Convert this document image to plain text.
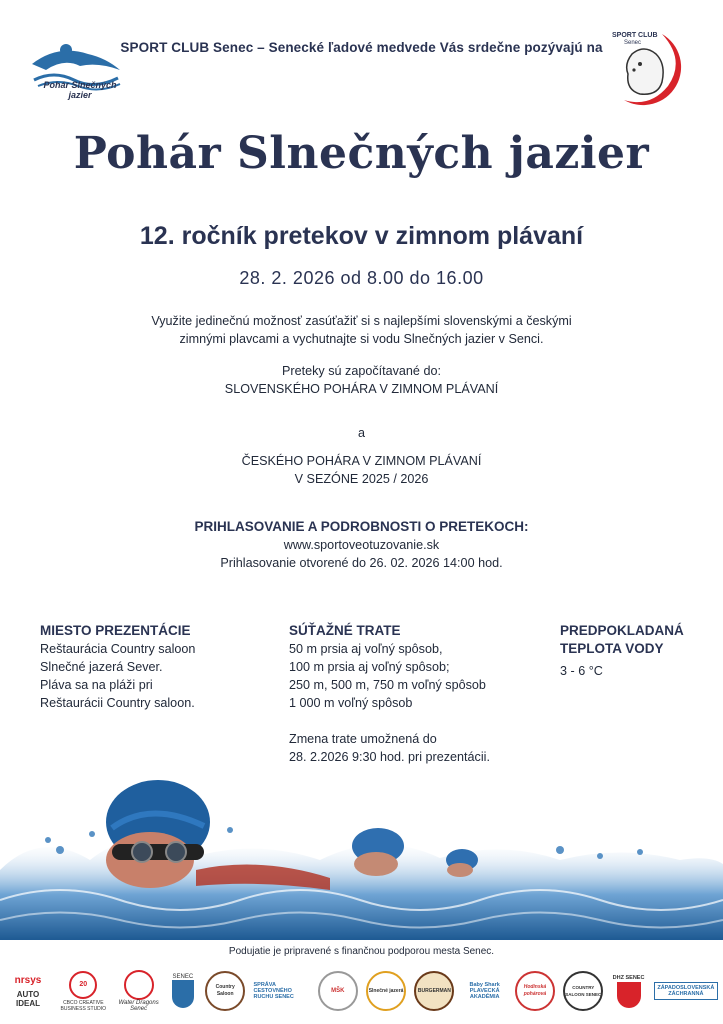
Pohár Slnečných jazier
SPORT CLUB Senec – Senecké ľadové medvede Vás srdečne pozývajú na
SPORT CLUB
Senec
Pohár Slnečných jazier
12. ročník pretekov v zimnom plávaní
28. 2. 2026 od 8.00 do 16.00
Využite jedinečnú možnosť zasúťažiť si s najlepšími slovenskými a českými
zimnými plavcami a vychutnajte si vodu Slnečných jazier v Senci.
Preteky sú započítavané do:
SLOVENSKÉHO POHÁRA V ZIMNOM PLÁVANÍ
a
ČESKÉHO POHÁRA V ZIMNOM PLÁVANÍ
V SEZÓNE 2025 / 2026
PRIHLASOVANIE A PODROBNOSTI O PRETEKOCH:
www.sportoveotuzovanie.sk
Prihlasovanie otvorené do 26. 02. 2026 14:00 hod.
MIESTO PREZENTÁCIE
Reštaurácia Country saloon
Slnečné jazerá Sever.
Pláva sa na pláži pri
Reštaurácii Country saloon.
SÚŤAŽNÉ TRATE
50 m prsia aj voľný spôsob,
100 m prsia aj voľný spôsob;
250 m, 500 m, 750 m voľný spôsob
1 000 m voľný spôsob
Zmena trate umožnená do
28. 2.2026 9:30 hod. pri prezentácii.
PREDPOKLADANÁ
TEPLOTA VODY
3 - 6 °C
Podujatie je pripravené s finančnou podporou mesta Senec.
nrsys
AUTO IDEAL
20
CBCO CREATIVE BUSINESS STUDIO
Water Dragons Senec
SENEC
Country Saloon
SPRÁVA CESTOVNÉHO RUCHU SENEC
MŠK	Slnečné jazerá	BURGERMAN
Baby Shark PLAVECKÁ AKADÉMIA
Hodinská pohárová
COUNTRY SALOON SENEC
DHZ SENEC
ZÁPADOSLOVENSKÁ ZÁCHRANNÁ
